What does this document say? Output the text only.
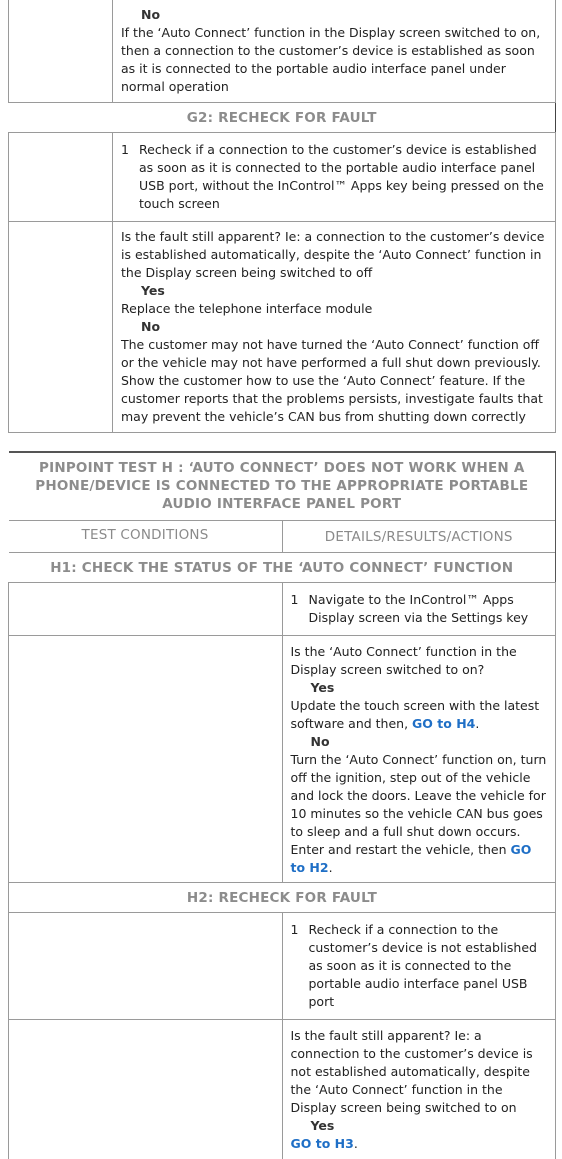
	No
If the ‘Auto Connect’ function in the Display screen switched to on, then a connection to the customer’s device is established as soon as it is connected to the portable audio interface panel under normal operation

G2: RECHECK FOR FAULT	

	1 Recheck if a connection to the customer’s device is established as soon as it is connected to the portable audio interface panel USB port, without the InControl™ Apps key being pressed on the touch screen

	Is the fault still apparent? Ie: a connection to the customer’s device is established automatically, despite the ‘Auto Connect’ function in the Display screen being switched to off
Yes
Replace the telephone interface module
No
The customer may not have turned the ‘Auto Connect’ function off or the vehicle may not have performed a full shut down previously. Show the customer how to use the ‘Auto Connect’ feature. If the customer reports that the problems persists, investigate faults that may prevent the vehicle’s CAN bus from shutting down correctly
PINPOINT TEST H : ‘AUTO CONNECT’ DOES NOT WORK WHEN A PHONE/DEVICE IS CONNECTED TO THE APPROPRIATE PORTABLE AUDIO INTERFACE PANEL PORT	
TEST CONDITIONS	DETAILS/RESULTS/ACTIONS
H1: CHECK THE STATUS OF THE ‘AUTO CONNECT’ FUNCTION	

	1 Navigate to the InControl™ Apps Display screen via the Settings key

	Is the ‘Auto Connect’ function in the Display screen switched to on?
Yes
Update the touch screen with the latest software and then, GO to H4.
No
Turn the ‘Auto Connect’ function on, turn off the ignition, step out of the vehicle and lock the doors. Leave the vehicle for 10 minutes so the vehicle CAN bus goes to sleep and a full shut down occurs. Enter and restart the vehicle, then GO to H2.

H2: RECHECK FOR FAULT	

	1 Recheck if a connection to the customer’s device is not established as soon as it is connected to the portable audio interface panel USB port

	Is the fault still apparent? Ie: a connection to the customer’s device is not established automatically, despite the ‘Auto Connect’ function in the Display screen being switched to on
Yes
GO to H3.
